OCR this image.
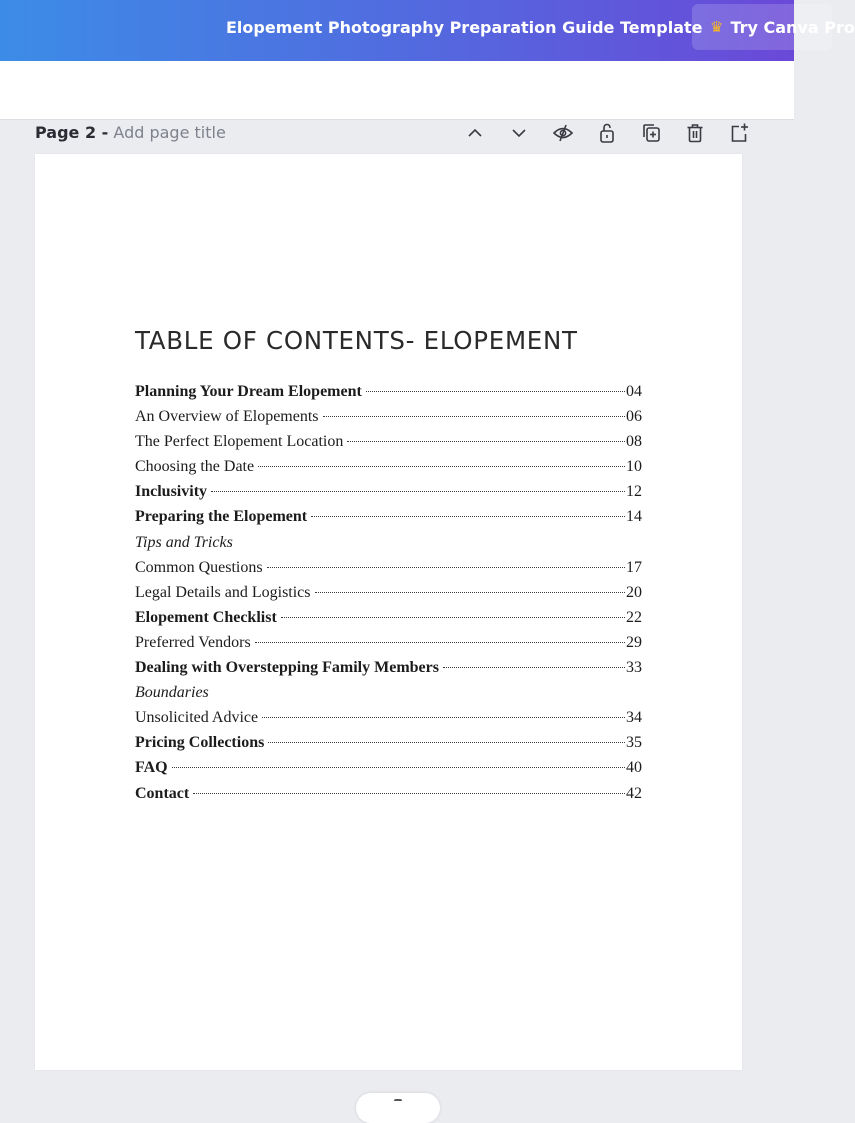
Elopement Photography Preparation Guide Template ♛ Try Canva Pro
Page 2 - Add page title
TABLE OF CONTENTS- ELOPEMENT
Planning Your Dream Elopement	04
An Overview of Elopements	06
The Perfect Elopement Location	08
Choosing the Date	10
Inclusivity	12
Preparing the Elopement	14
Tips and Tricks
Common Questions	17
Legal Details and Logistics	20
Elopement Checklist	22
Preferred Vendors	29
Dealing with Overstepping Family Members	33
Boundaries
Unsolicited Advice	34
Pricing Collections	35
FAQ	40
Contact	42
